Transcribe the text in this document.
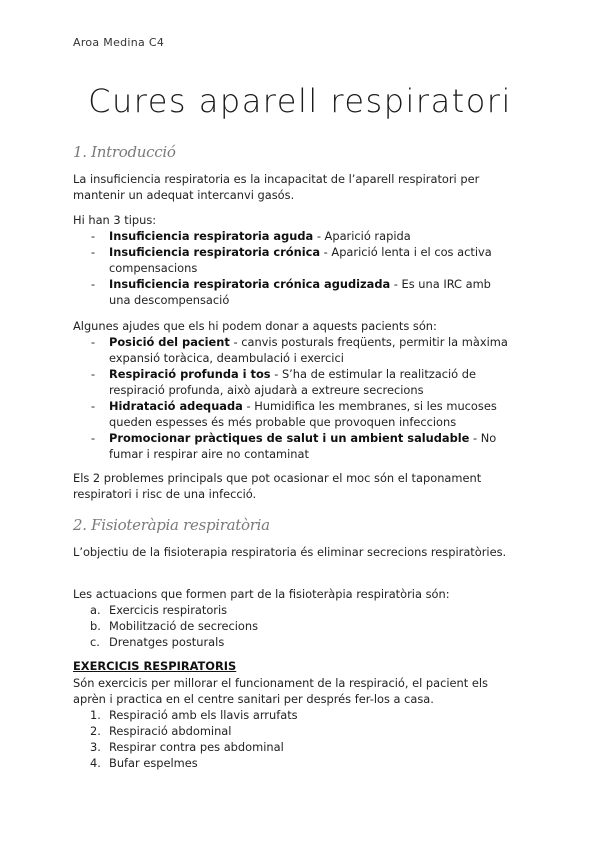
Aroa Medina C4
Cures aparell respiratori
1. Introducció
La insuficiencia respiratoria es la incapacitat de l’aparell respiratori per mantenir un adequat intercanvi gasós.
Hi han 3 tipus:
- Insuficiencia respiratoria aguda - Aparició rapida
- Insuficiencia respiratoria crónica - Aparició lenta i el cos activa compensacions
- Insuficiencia respiratoria crónica agudizada - Es una IRC amb una descompensació
Algunes ajudes que els hi podem donar a aquests pacients són:
- Posició del pacient - canvis posturals freqüents, permitir la màxima expansió toràcica, deambulació i exercici
- Respiració profunda i tos - S’ha de estimular la realització de respiració profunda, això ajudarà a extreure secrecions
- Hidratació adequada - Humidifica les membranes, si les mucoses queden espesses és més probable que provoquen infeccions
- Promocionar pràctiques de salut i un ambient saludable - No fumar i respirar aire no contaminat
Els 2 problemes principals que pot ocasionar el moc són el taponament respiratori i risc de una infecció.
2. Fisioteràpia respiratòria
L’objectiu de la fisioterapia respiratoria és eliminar secrecions respiratòries.
Les actuacions que formen part de la fisioteràpia respiratòria són:
a. Exercicis respiratoris
b. Mobilització de secrecions
c. Drenatges posturals
EXERCICIS RESPIRATORIS
Són exercicis per millorar el funcionament de la respiració, el pacient els aprèn i practica en el centre sanitari per després fer-los a casa.
1. Respiració amb els llavis arrufats
2. Respiració abdominal
3. Respirar contra pes abdominal
4. Bufar espelmes
